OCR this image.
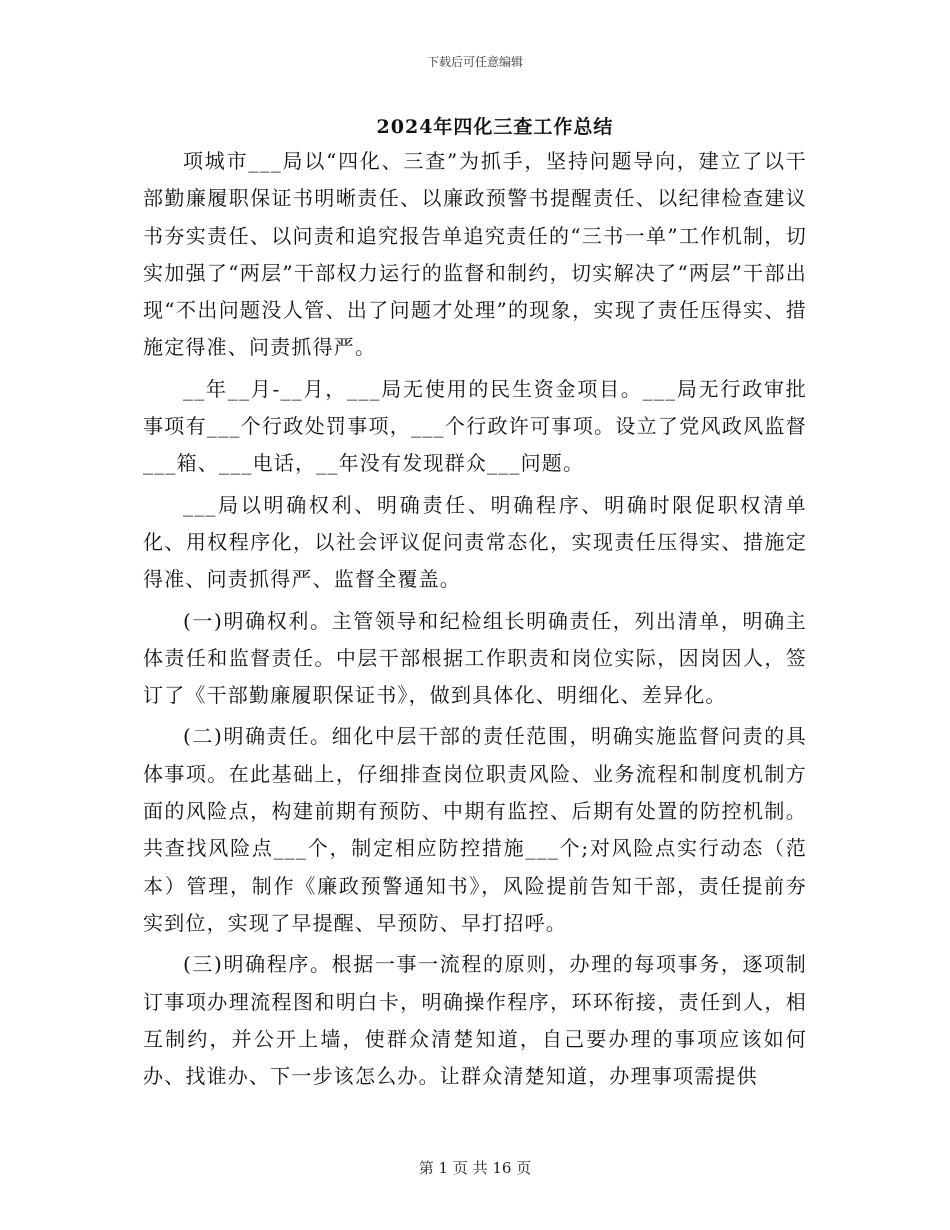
下载后可任意编辑
2024年四化三查工作总结

项城市___局以“四化、三查”为抓手，坚持问题导向，建立了以干部勤廉履职保证书明晰责任、以廉政预警书提醒责任、以纪律检查建议书夯实责任、以问责和追究报告单追究责任的“三书一单”工作机制，切实加强了“两层”干部权力运行的监督和制约，切实解决了“两层”干部出现“不出问题没人管、出了问题才处理”的现象，实现了责任压得实、措施定得准、问责抓得严。

__年__月-__月，___局无使用的民生资金项目。___局无行政审批事项有___个行政处罚事项，___个行政许可事项。设立了党风政风监督___箱、___电话，__年没有发现群众___问题。

___局以明确权利、明确责任、明确程序、明确时限促职权清单化、用权程序化，以社会评议促问责常态化，实现责任压得实、措施定得准、问责抓得严、监督全覆盖。

(一)明确权利。主管领导和纪检组长明确责任，列出清单，明确主体责任和监督责任。中层干部根据工作职责和岗位实际，因岗因人，签订了《干部勤廉履职保证书》，做到具体化、明细化、差异化。

(二)明确责任。细化中层干部的责任范围，明确实施监督问责的具体事项。在此基础上，仔细排查岗位职责风险、业务流程和制度机制方面的风险点，构建前期有预防、中期有监控、后期有处置的防控机制。共查找风险点___个，制定相应防控措施___个;对风险点实行动态（范本）管理，制作《廉政预警通知书》，风险提前告知干部，责任提前夯实到位，实现了早提醒、早预防、早打招呼。

(三)明确程序。根据一事一流程的原则，办理的每项事务，逐项制订事项办理流程图和明白卡，明确操作程序，环环衔接，责任到人，相互制约，并公开上墙，使群众清楚知道，自己要办理的事项应该如何办、找谁办、下一步该怎么办。让群众清楚知道，办理事项需提供

第 1 页 共 16 页
